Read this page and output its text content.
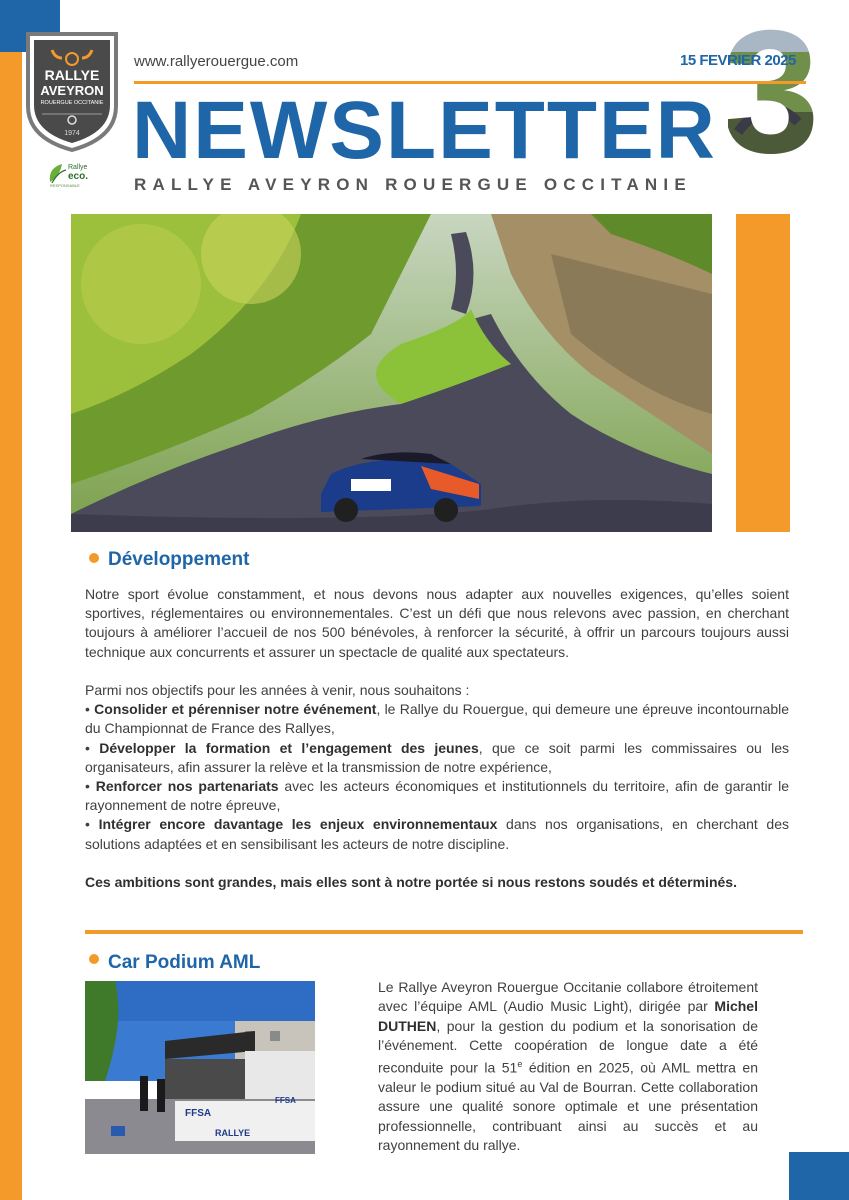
RALLYE
AVEYRON
ROUERGUE OCCITANIE
1974
Rallye
eco.
RESPONSABLE
www.rallyerouergue.com	15 FEVRIER 2025
NEWSLETTER
RALLYE AVEYRON ROUERGUE OCCITANIE
Développement

Notre sport évolue constamment, et nous devons nous adapter aux nouvelles exigences, qu’elles soient sportives, réglementaires ou environnementales. C’est un défi que nous relevons avec passion, en cherchant toujours à améliorer l’accueil de nos 500 bénévoles, à renforcer la sécurité, à offrir un parcours toujours aussi technique aux concurrents et assurer un spectacle de qualité aux spectateurs.

Parmi nos objectifs pour les années à venir, nous souhaitons :

• Consolider et pérenniser notre événement, le Rallye du Rouergue, qui demeure une épreuve incontournable du Championnat de France des Rallyes,

• Développer la formation et l’engagement des jeunes, que ce soit parmi les commissaires ou les organisateurs, afin assurer la relève et la transmission de notre expérience,

• Renforcer nos partenariats avec les acteurs économiques et institutionnels du territoire, afin de garantir le rayonnement de notre épreuve,

• Intégrer encore davantage les enjeux environnementaux dans nos organisations, en cherchant des solutions adaptées et en sensibilisant les acteurs de notre discipline.

Ces ambitions sont grandes, mais elles sont à notre portée si nous restons soudés et déterminés.

Car Podium AML
FFSA
FFSA
RALLYE
Le Rallye Aveyron Rouergue Occitanie collabore étroitement avec l’équipe AML (Audio Music Light), dirigée par Michel DUTHEN, pour la gestion du podium et la sonorisation de l’événement. Cette coopération de longue date a été reconduite pour la 51e édition en 2025, où AML mettra en valeur le podium situé au Val de Bourran. Cette collaboration assure une qualité sonore optimale et une présentation professionnelle, contribuant ainsi au succès et au rayonnement du rallye.
